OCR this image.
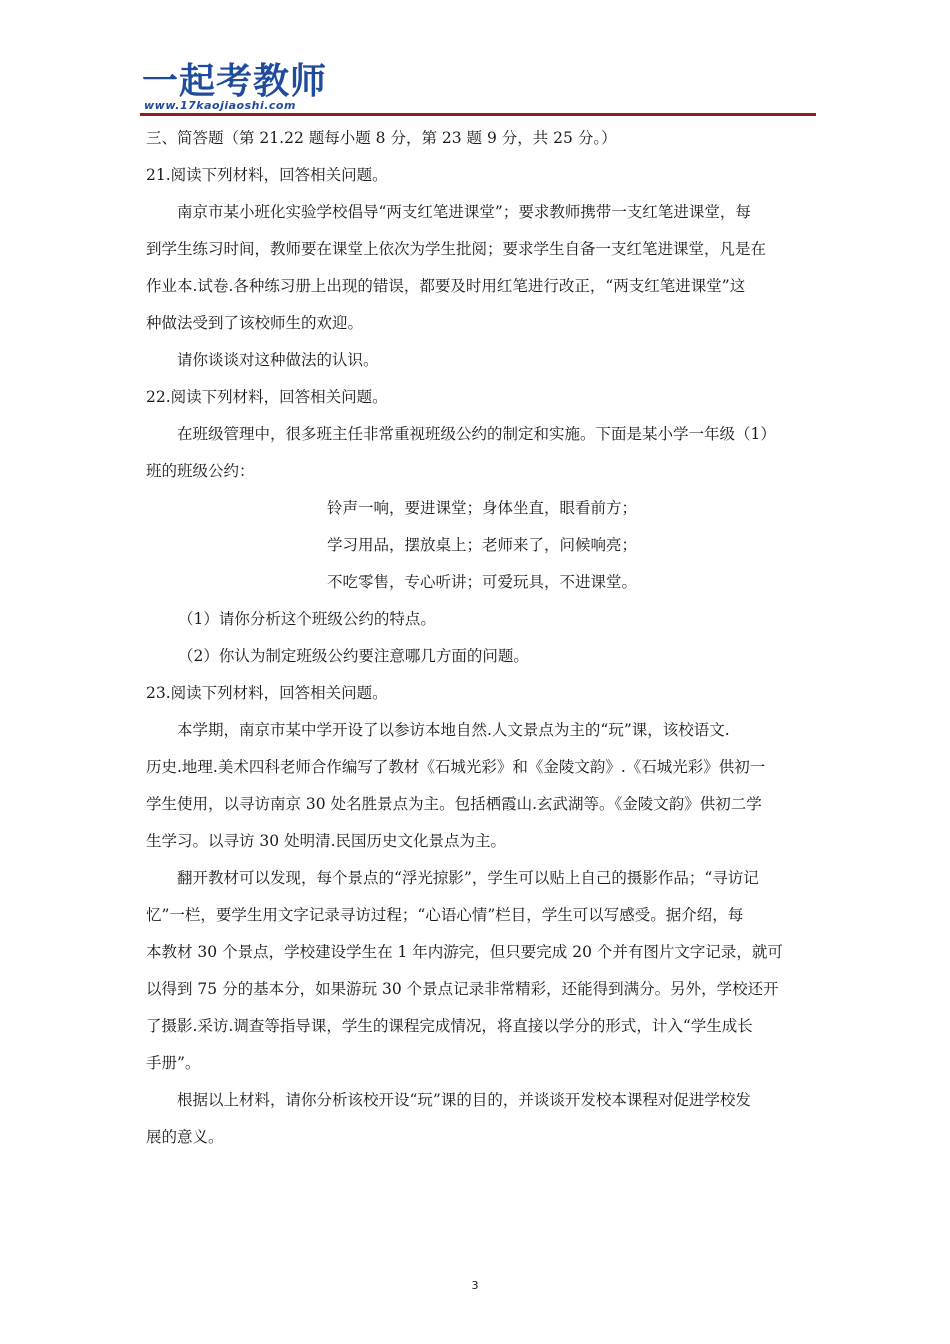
一起考教师
www.17kaojiaoshi.com
三、简答题（第 21.22 题每小题 8 分，第 23 题 9 分，共 25 分。）
21.阅读下列材料，回答相关问题。
南京市某小班化实验学校倡导“两支红笔进课堂”；要求教师携带一支红笔进课堂，每
到学生练习时间，教师要在课堂上依次为学生批阅；要求学生自备一支红笔进课堂，凡是在
作业本.试卷.各种练习册上出现的错误，都要及时用红笔进行改正，“两支红笔进课堂”这
种做法受到了该校师生的欢迎。
请你谈谈对这种做法的认识。
22.阅读下列材料，回答相关问题。
在班级管理中，很多班主任非常重视班级公约的制定和实施。下面是某小学一年级（1）
班的班级公约：
铃声一响，要进课堂；身体坐直，眼看前方；
学习用品，摆放桌上；老师来了，问候响亮；
不吃零售，专心听讲；可爱玩具，不进课堂。
（1）请你分析这个班级公约的特点。
（2）你认为制定班级公约要注意哪几方面的问题。
23.阅读下列材料，回答相关问题。
本学期，南京市某中学开设了以参访本地自然.人文景点为主的“玩”课，该校语文.
历史.地理.美术四科老师合作编写了教材《石城光彩》和《金陵文韵》.《石城光彩》供初一
学生使用，以寻访南京 30 处名胜景点为主。包括栖霞山.玄武湖等。《金陵文韵》供初二学
生学习。以寻访 30 处明清.民国历史文化景点为主。
翻开教材可以发现，每个景点的“浮光掠影”，学生可以贴上自己的摄影作品；“寻访记
忆”一栏，要学生用文字记录寻访过程；“心语心情”栏目，学生可以写感受。据介绍，每
本教材 30 个景点，学校建设学生在 1 年内游完，但只要完成 20 个并有图片文字记录，就可
以得到 75 分的基本分，如果游玩 30 个景点记录非常精彩，还能得到满分。另外，学校还开
了摄影.采访.调查等指导课，学生的课程完成情况，将直接以学分的形式，计入“学生成长
手册”。
根据以上材料，请你分析该校开设“玩”课的目的，并谈谈开发校本课程对促进学校发
展的意义。
3
